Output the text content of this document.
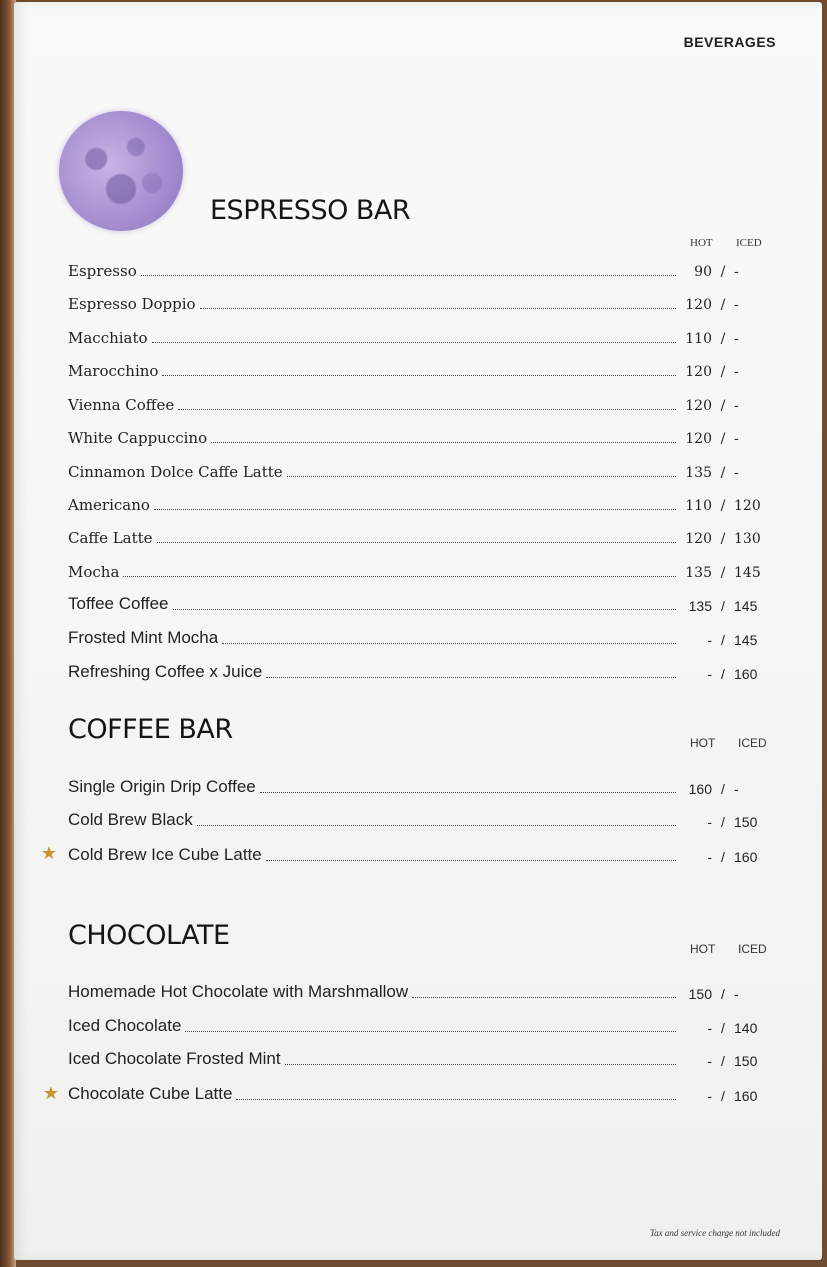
BEVERAGES
ESPRESSO BAR
HOT ICED
Espresso	90 / -
Espresso Doppio	120 / -
Macchiato	110 / -
Marocchino	120 / -
Vienna Coffee	120 / -
White Cappuccino	120 / -
Cinnamon Dolce Caffe Latte	135 / -
Americano	110 / 120
Caffe Latte	120 / 130
Mocha	135 / 145
Toffee Coffee	135 / 145
Frosted Mint Mocha	- / 145
Refreshing Coffee x Juice	- / 160
COFFEE BAR	HOT ICED
Single Origin Drip Coffee	160 / -
Cold Brew Black	- / 150
★ Cold Brew Ice Cube Latte	- / 160
CHOCOLATE	HOT ICED
Homemade Hot Chocolate with Marshmallow	150 / -
Iced Chocolate	- / 140
Iced Chocolate Frosted Mint	- / 150
★ Chocolate Cube Latte	- / 160
Tax and service charge not included
